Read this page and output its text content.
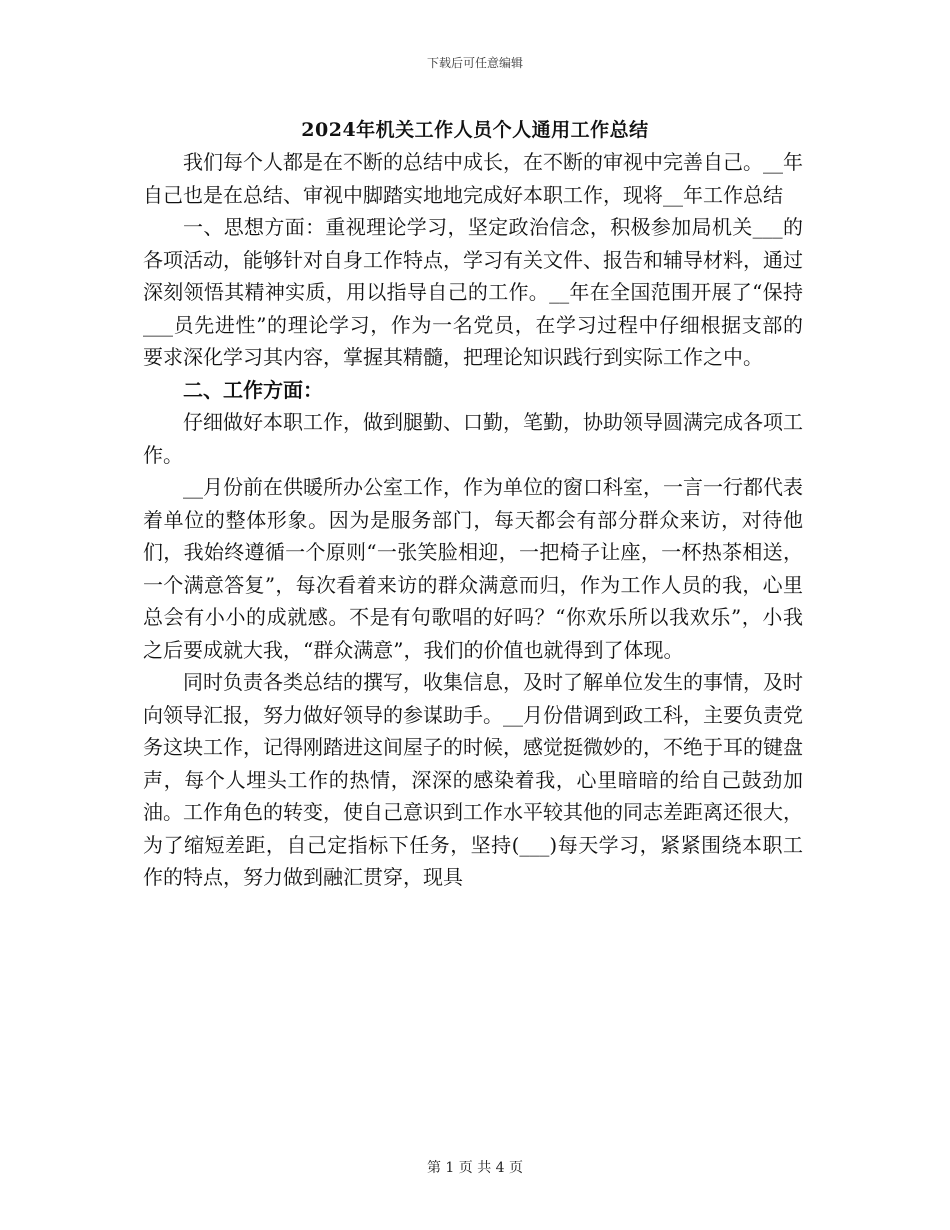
下载后可任意编辑
2024年机关工作人员个人通用工作总结

我们每个人都是在不断的总结中成长，在不断的审视中完善自己。__年自己也是在总结、审视中脚踏实地地完成好本职工作，现将__年工作总结

一、思想方面：重视理论学习，坚定政治信念，积极参加局机关___的各项活动，能够针对自身工作特点，学习有关文件、报告和辅导材料，通过深刻领悟其精神实质，用以指导自己的工作。__年在全国范围开展了“保持___员先进性”的理论学习，作为一名党员，在学习过程中仔细根据支部的要求深化学习其内容，掌握其精髓，把理论知识践行到实际工作之中。

二、工作方面：

仔细做好本职工作，做到腿勤、口勤，笔勤，协助领导圆满完成各项工作。

__月份前在供暖所办公室工作，作为单位的窗口科室，一言一行都代表着单位的整体形象。因为是服务部门，每天都会有部分群众来访，对待他们，我始终遵循一个原则“一张笑脸相迎，一把椅子让座，一杯热茶相送，一个满意答复”，每次看着来访的群众满意而归，作为工作人员的我，心里总会有小小的成就感。不是有句歌唱的好吗？“你欢乐所以我欢乐”，小我之后要成就大我，“群众满意”，我们的价值也就得到了体现。

同时负责各类总结的撰写，收集信息，及时了解单位发生的事情，及时向领导汇报，努力做好领导的参谋助手。__月份借调到政工科，主要负责党务这块工作，记得刚踏进这间屋子的时候，感觉挺微妙的，不绝于耳的键盘声，每个人埋头工作的热情，深深的感染着我，心里暗暗的给自己鼓劲加油。工作角色的转变，使自己意识到工作水平较其他的同志差距离还很大，为了缩短差距，自己定指标下任务，坚持(___)每天学习，紧紧围绕本职工作的特点，努力做到融汇贯穿，现具

第 1 页 共 4 页
